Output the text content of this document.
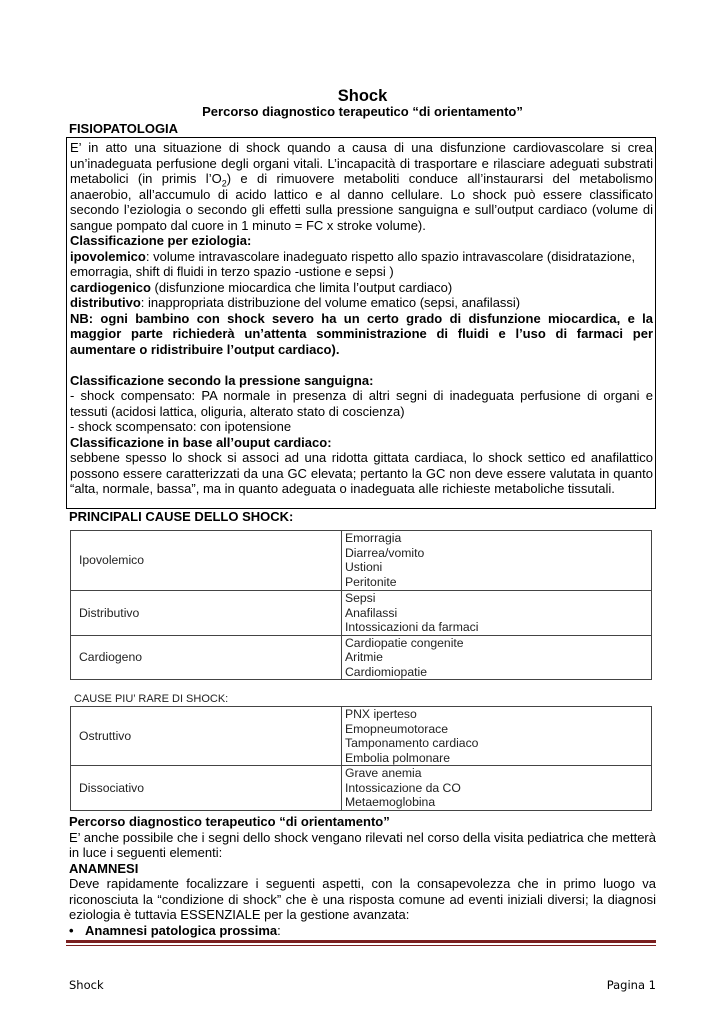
Shock
Percorso diagnostico terapeutico “di orientamento”
FISIOPATOLOGIA

E’ in atto una situazione di shock quando a causa di una disfunzione cardiovascolare si crea un’inadeguata perfusione degli organi vitali. L’incapacità di trasportare e rilasciare adeguati substrati metabolici (in primis $l’O_2$) e di rimuovere metaboliti conduce all’instaurarsi del metabolismo anaerobio, all’accumulo di acido lattico e al danno cellulare. Lo shock può essere classificato secondo l’eziologia o secondo gli effetti sulla pressione sanguigna e sull’output cardiaco (volume di sangue pompato dal cuore in 1 minuto = FC x stroke volume).

Classificazione per eziologia:

ipovolemico: volume intravascolare inadeguato rispetto allo spazio intravascolare (disidratazione, emorragia, shift di fluidi in terzo spazio -ustione e sepsi )

cardiogenico (disfunzione miocardica che limita l’output cardiaco)

distributivo: inappropriata distribuzione del volume ematico (sepsi, anafilassi)

NB: ogni bambino con shock severo ha un certo grado di disfunzione miocardica, e la maggior parte richiederà un’attenta somministrazione di fluidi e l’uso di farmaci per aumentare o ridistribuire l’output cardiaco).

Classificazione secondo la pressione sanguigna:

- shock compensato: PA normale in presenza di altri segni di inadeguata perfusione di organi e tessuti (acidosi lattica, oliguria, alterato stato di coscienza)

- shock scompensato: con ipotensione

Classificazione in base all’ouput cardiaco:

sebbene spesso lo shock si associ ad una ridotta gittata cardiaca, lo shock settico ed anafilattico possono essere caratterizzati da una GC elevata; pertanto la GC non deve essere valutata in quanto “alta, normale, bassa”, ma in quanto adeguata o inadeguata alle richieste metaboliche tissutali.

PRINCIPALI CAUSE DELLO SHOCK:
Ipovolemico	Emorragia
Diarrea/vomito
Ustioni
Peritonite

Distributivo	Sepsi
Anafilassi
Intossicazioni da farmaci

Cardiogeno	Cardiopatie congenite
Aritmie
Cardiomiopatie
CAUSE PIU’ RARE DI SHOCK:
Ostruttivo	PNX iperteso
Emopneumotorace
Tamponamento cardiaco
Embolia polmonare

Dissociativo	Grave anemia
Intossicazione da CO
Metaemoglobina

Percorso diagnostico terapeutico “di orientamento”

E’ anche possibile che i segni dello shock vengano rilevati nel corso della visita pediatrica che metterà in luce i seguenti elementi:

ANAMNESI

Deve rapidamente focalizzare i seguenti aspetti, con la consapevolezza che in primo luogo va riconosciuta la “condizione di shock” che è una risposta comune ad eventi iniziali diversi; la diagnosi eziologia è tuttavia ESSENZIALE per la gestione avanzata:

• Anamnesi patologica prossima :
Shock	Pagina 1
